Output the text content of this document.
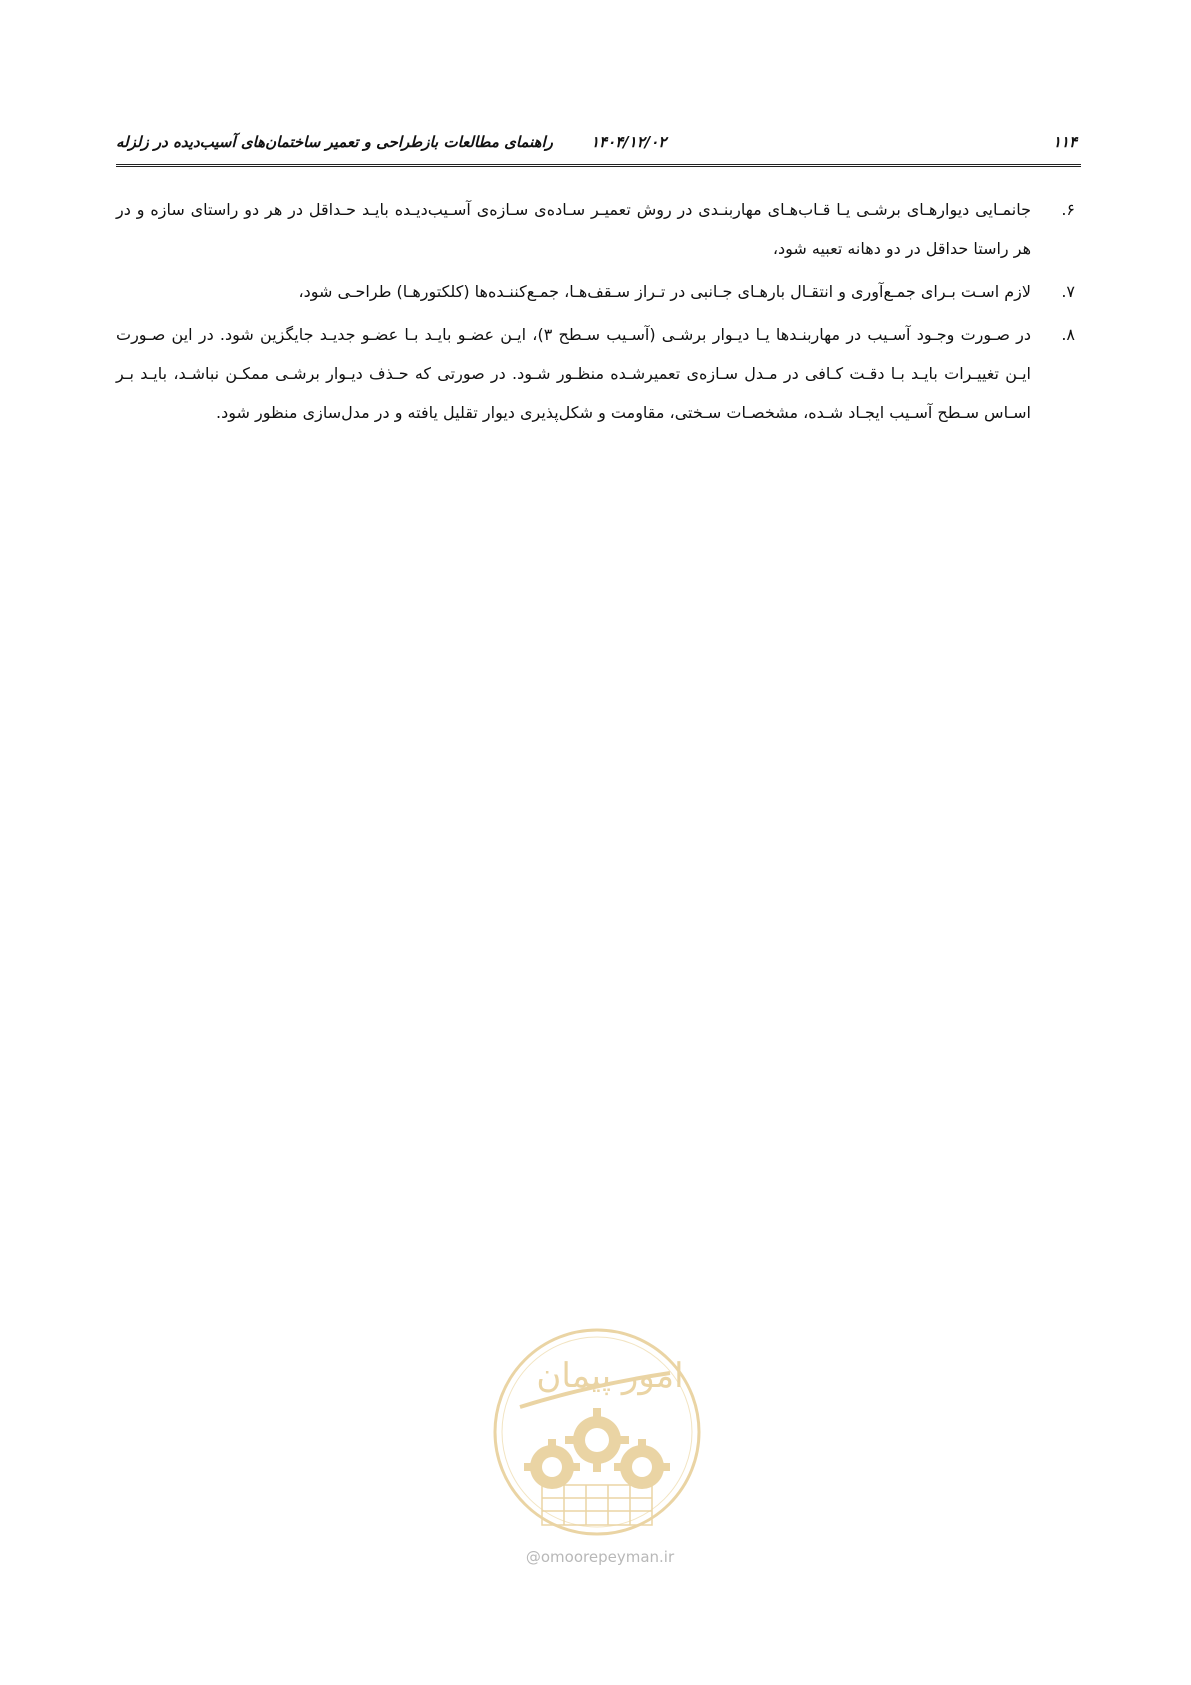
۱۱۴
۱۴۰۴/۱۲/۰۲
راهنمای مطالعات بازطراحی و تعمیر ساختمان‌های آسیب‌دیده در زلزله
۶.
جانمـایی دیوارهـای برشـی یـا قـاب‌هـای مهاربنـدی در روش تعمیـر سـاده‌ی سـازه‌ی آسـیب‌دیـده بایـد حـداقل در هر دو راستای سازه و در هر راستا حداقل در دو دهانه تعبیه شود،
۷.
لازم اسـت بـرای جمـع‌آوری و انتقـال بارهـای جـانبی در تـراز سـقف‌هـا، جمـع‌کننـده‌ها (کلکتورهـا) طراحـی شود،
۸.
در صـورت وجـود آسـیب در مهاربنـدها یـا دیـوار برشـی (آسـیب سـطح ۳)، ایـن عضـو بایـد بـا عضـو جدیـد جایگزین شود. در این صـورت ایـن تغییـرات بایـد بـا دقـت کـافی در مـدل سـازه‌ی تعمیرشـده منظـور شـود. در صورتی که حـذف دیـوار برشـی ممکـن نباشـد، بایـد بـر اسـاس سـطح آسـیب ایجـاد شـده، مشخصـات سـختی، مقاومت و شکل‌پذیری دیوار تقلیل یافته و در مدل‌سازی منظور شود.
امور پیمان
@omoorepeyman.ir
